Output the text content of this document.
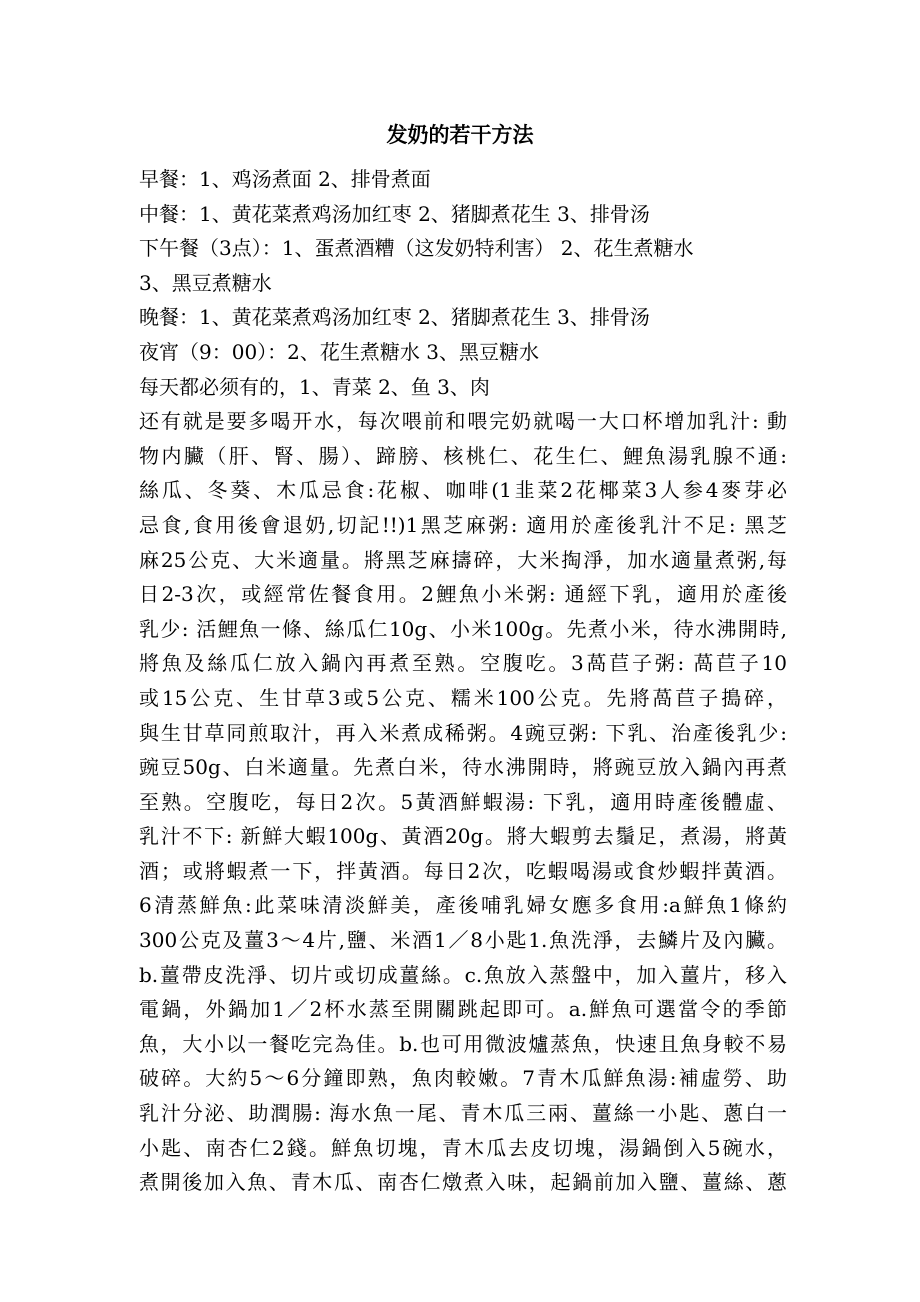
发奶的若干方法
早餐：1、鸡汤煮面 2、排骨煮面
中餐：1、黄花菜煮鸡汤加红枣 2、猪脚煮花生 3、排骨汤
下午餐（3点）：1、蛋煮酒糟（这发奶特利害） 2、花生煮糖水
3、黑豆煮糖水
晚餐：1、黄花菜煮鸡汤加红枣 2、猪脚煮花生 3、排骨汤
夜宵（9：00）：2、花生煮糖水 3、黑豆糖水
每天都必须有的，1、青菜 2、鱼 3、肉
还有就是要多喝开水，每次喂前和喂完奶就喝一大口杯增加乳汁: 動
物内臟（肝、腎、腸）、蹄膀、核桃仁、花生仁、鯉魚湯乳腺不通:
絲瓜、冬葵、木瓜忌食:花椒、咖啡(1韭菜2花椰菜3人参4麥芽必
忌食,食用後會退奶,切記!!)1黑芝麻粥: 適用於產後乳汁不足: 黑芝
麻25公克、大米適量。將黑芝麻擣碎，大米掏淨，加水適量煮粥,每
日2-3次，或經常佐餐食用。2鯉魚小米粥: 通經下乳，適用於產後
乳少: 活鯉魚一條、絲瓜仁10g、小米100g。先煮小米，待水沸開時,
將魚及絲瓜仁放入鍋內再煮至熟。空腹吃。3萵苣子粥: 萵苣子10
或15公克、生甘草3或5公克、糯米100公克。先將萵苣子搗碎，
與生甘草同煎取汁，再入米煮成稀粥。4豌豆粥: 下乳、治產後乳少:
豌豆50g、白米適量。先煮白米，待水沸開時，將豌豆放入鍋內再煮
至熟。空腹吃，每日2次。5黃酒鮮蝦湯: 下乳，適用時產後體虛、
乳汁不下: 新鮮大蝦100g、黃酒20g。將大蝦剪去鬚足，煮湯，將黃
酒；或將蝦煮一下，拌黃酒。每日2次，吃蝦喝湯或食炒蝦拌黃酒。
6清蒸鮮魚:此菜味清淡鮮美，產後哺乳婦女應多食用:a鮮魚1條約
300公克及薑3～4片,鹽、米酒1／8小匙1.魚洗淨，去鱗片及內臟。
b.薑帶皮洗淨、切片或切成薑絲。c.魚放入蒸盤中，加入薑片，移入
電鍋，外鍋加1／2杯水蒸至開關跳起即可。a.鮮魚可選當令的季節
魚，大小以一餐吃完為佳。b.也可用微波爐蒸魚，快速且魚身較不易
破碎。大約5～6分鐘即熟，魚肉較嫩。7青木瓜鮮魚湯:補虛勞、助
乳汁分泌、助潤腸: 海水魚一尾、青木瓜三兩、薑絲一小匙、蔥白一
小匙、南杏仁2錢。鮮魚切塊，青木瓜去皮切塊，湯鍋倒入5碗水，
煮開後加入魚、青木瓜、南杏仁燉煮入味，起鍋前加入鹽、薑絲、蔥
